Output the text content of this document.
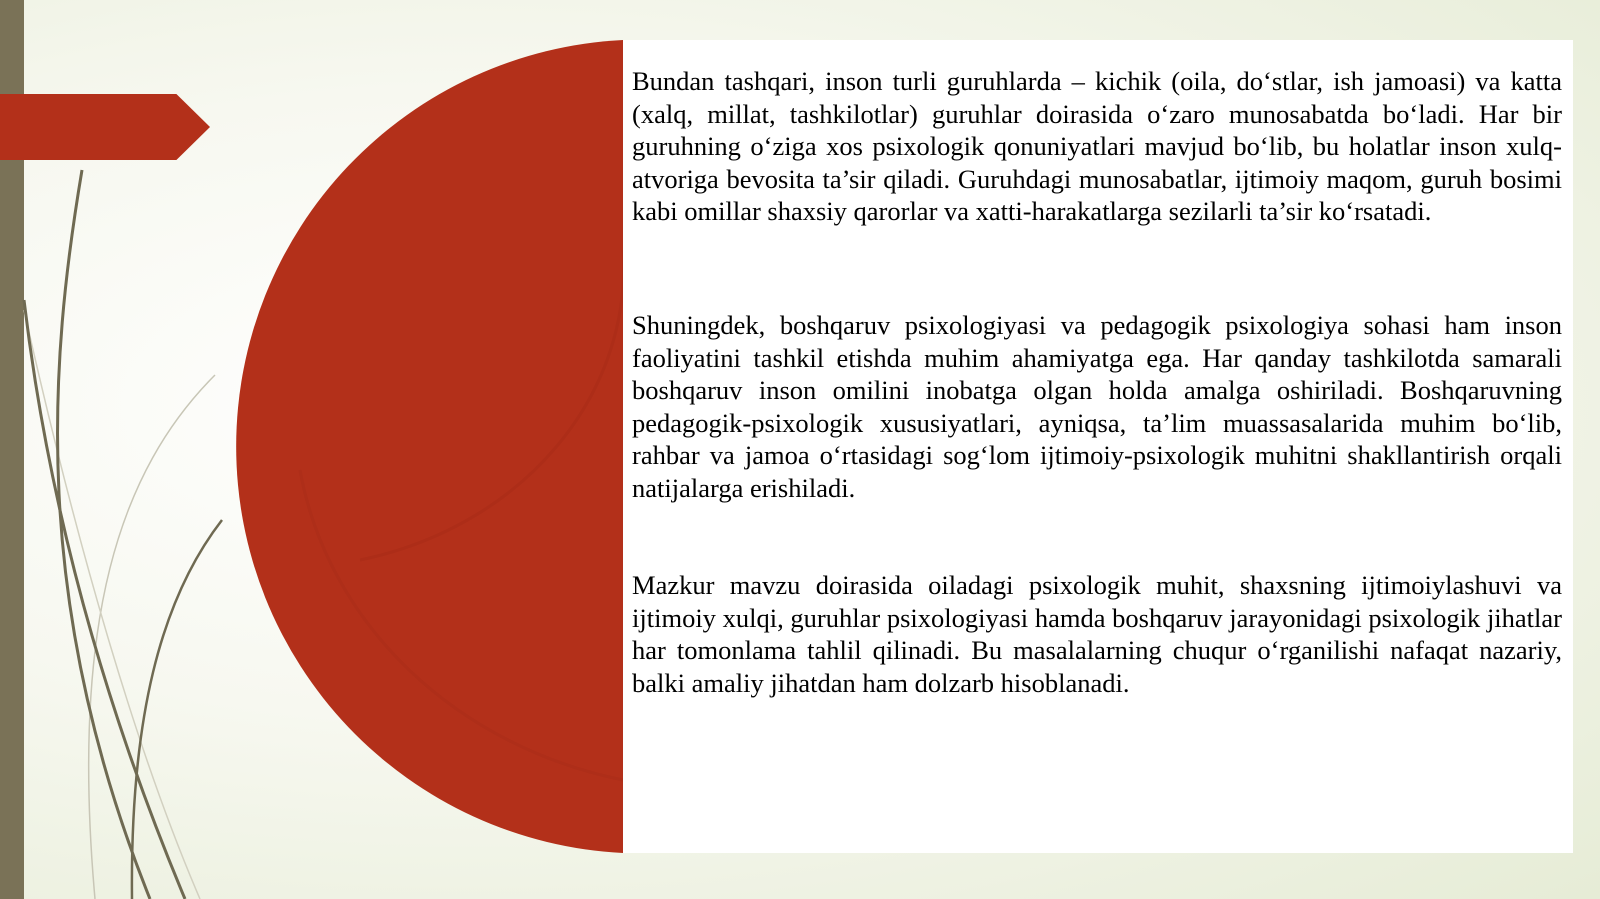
Bundan tashqari, inson turli guruhlarda – kichik (oila, do‘stlar, ish jamoasi) va katta (xalq, millat, tashkilotlar) guruhlar doirasida o‘zaro munosabatda bo‘ladi. Har bir guruhning o‘ziga xos psixologik qonuniyatlari mavjud bo‘lib, bu holatlar inson xulq-atvoriga bevosita ta’sir qiladi. Guruhdagi munosabatlar, ijtimoiy maqom, guruh bosimi kabi omillar shaxsiy qarorlar va xatti-harakatlarga sezilarli ta’sir ko‘rsatadi.

Shuningdek, boshqaruv psixologiyasi va pedagogik psixologiya sohasi ham inson faoliyatini tashkil etishda muhim ahamiyatga ega. Har qanday tashkilotda samarali boshqaruv inson omilini inobatga olgan holda amalga oshiriladi. Boshqaruvning pedagogik-psixologik xususiyatlari, ayniqsa, ta’lim muassasalarida muhim bo‘lib, rahbar va jamoa o‘rtasidagi sog‘lom ijtimoiy-psixologik muhitni shakllantirish orqali natijalarga erishiladi.

Mazkur mavzu doirasida oiladagi psixologik muhit, shaxsning ijtimoiylashuvi va ijtimoiy xulqi, guruhlar psixologiyasi hamda boshqaruv jarayonidagi psixologik jihatlar har tomonlama tahlil qilinadi. Bu masalalarning chuqur o‘rganilishi nafaqat nazariy, balki amaliy jihatdan ham dolzarb hisoblanadi.
